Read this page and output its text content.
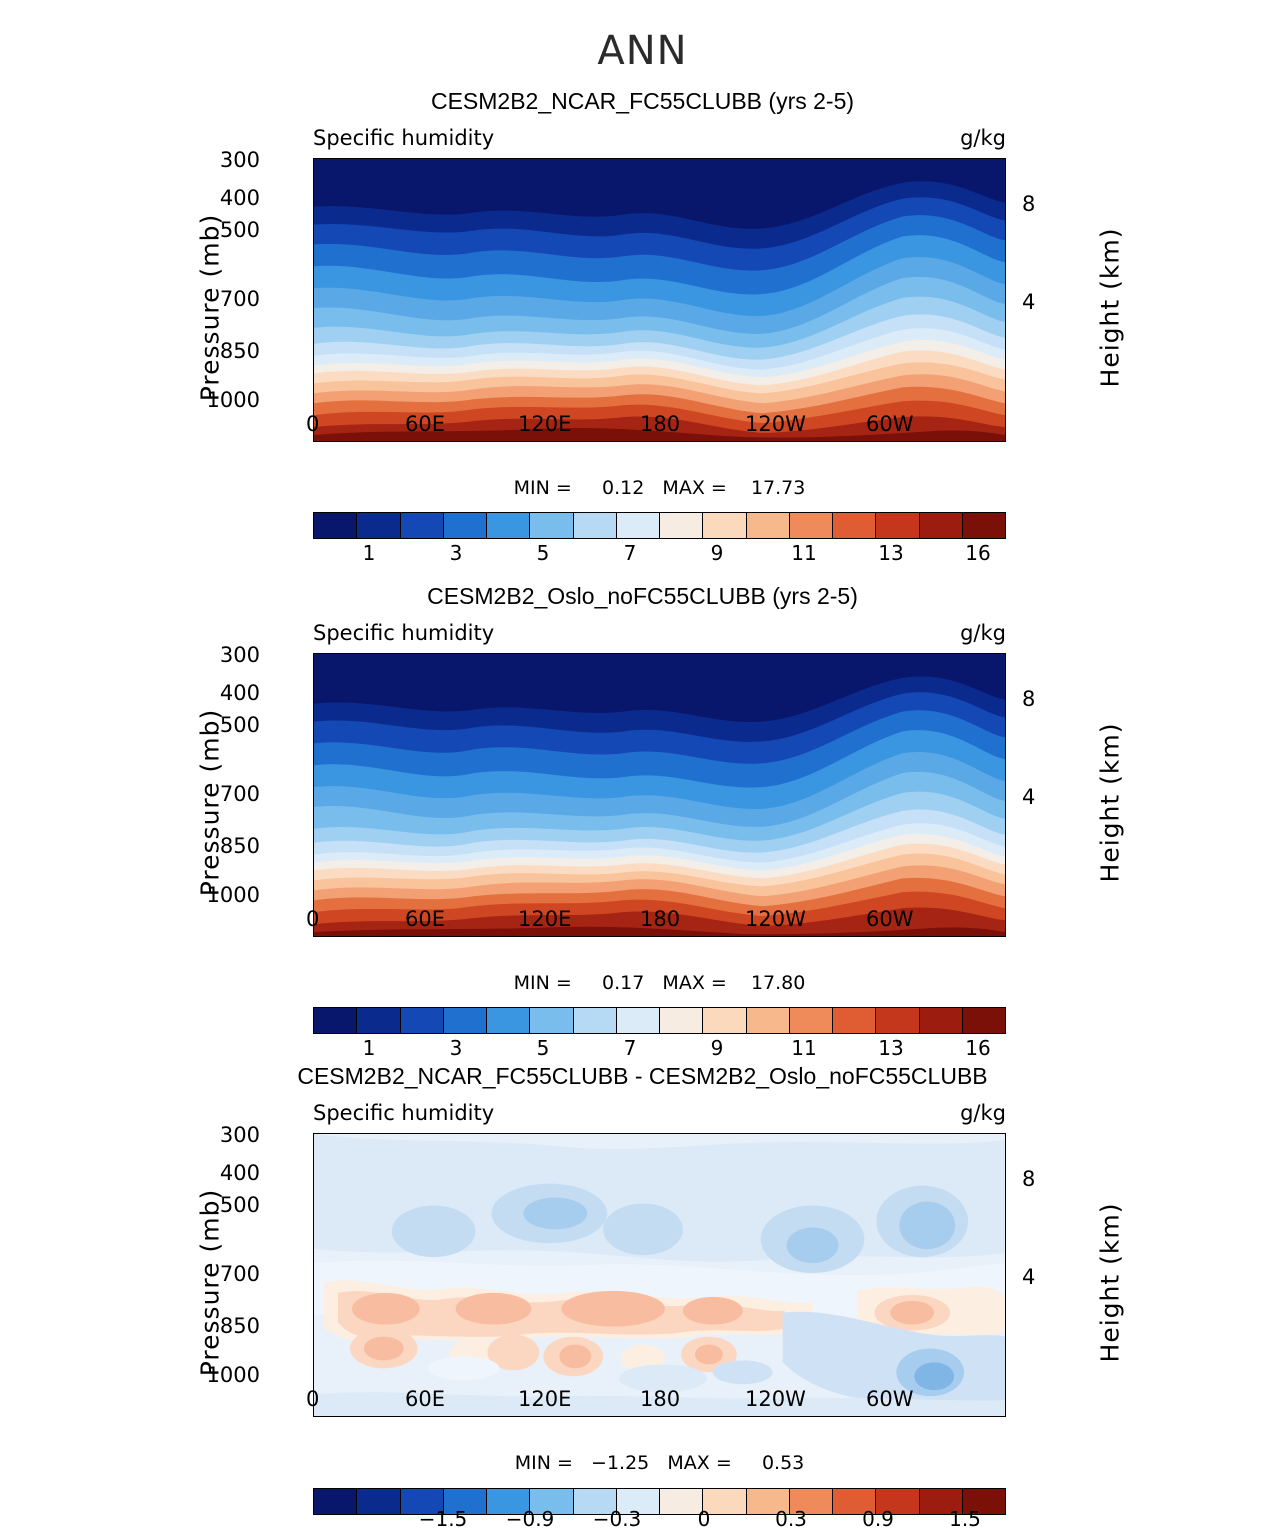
ANN
CESM2B2_NCAR_FC55CLUBB (yrs 2-5)
Specific humidity	g/kg
MIN =     0.12   MAX =    17.73
Pressure (mb)	Height (km)
300
400
500
700
850
1000
8
4
0	60E	120E	180	120W	60W
1	3	5	7	9	11	13	16
CESM2B2_Oslo_noFC55CLUBB (yrs 2-5)
Specific humidity	g/kg
MIN =     0.17   MAX =    17.80
Pressure (mb)	Height (km)
300
400
500
700
850
1000
8
4
0	60E	120E	180	120W	60W
1	3	5	7	9	11	13	16
CESM2B2_NCAR_FC55CLUBB - CESM2B2_Oslo_noFC55CLUBB
Specific humidity	g/kg
MIN =   −1.25   MAX =     0.53
Pressure (mb)	Height (km)
300
400
500
700
850
1000
8
4
0	60E	120E	180	120W	60W
−1.5 −0.9 −0.3	0	0.3	0.9	1.5
